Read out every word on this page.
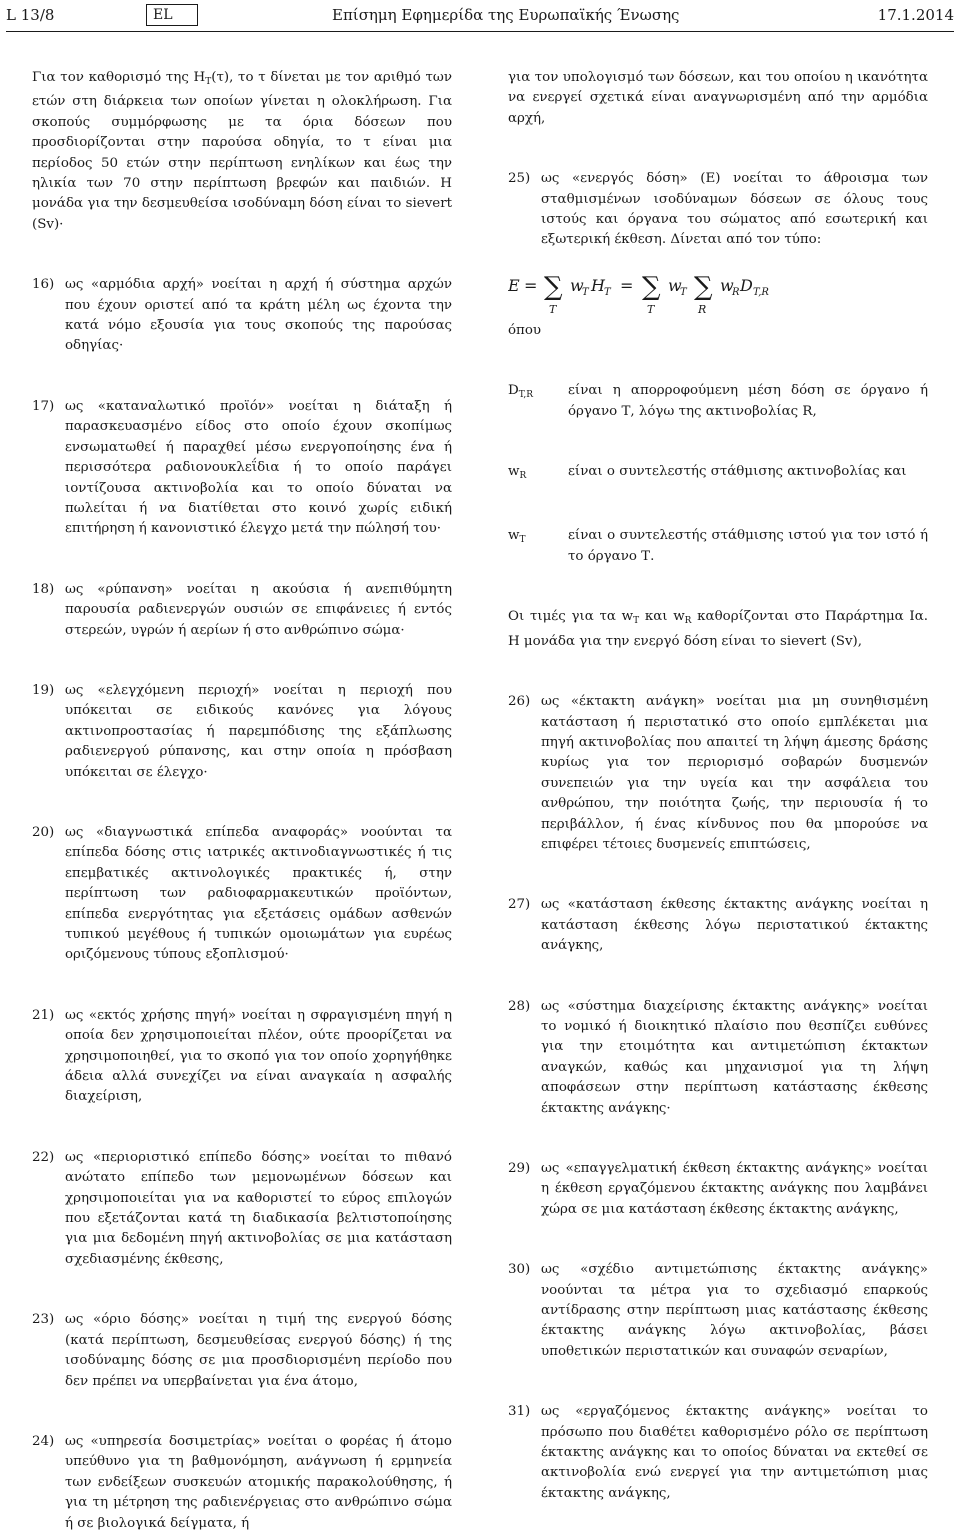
L 13/8	EL	Επίσημη Εφημερίδα της Ευρωπαϊκής Ένωσης	17.1.2014
Για τον καθορισμό της $H_T(\tau)$, το τ δίνεται με τον αριθμό των ετών στη διάρκεια των οποίων γίνεται η ολοκλήρωση. Για σκοπούς συμμόρφωσης με τα όρια δόσεων που προσδιορίζονται στην παρούσα οδηγία, το τ είναι μια περίοδος 50 ετών στην περίπτωση ενηλίκων και έως την ηλικία των 70 στην περίπτωση βρεφών και παιδιών. Η μονάδα για την δεσμευθείσα ισοδύναμη δόση είναι το sievert (Sv)·
16) ως «αρμόδια αρχή» νοείται η αρχή ή σύστημα αρχών που έχουν οριστεί από τα κράτη μέλη ως έχοντα την κατά νόμο εξουσία για τους σκοπούς της παρούσας οδηγίας·
17) ως «καταναλωτικό προϊόν» νοείται η διάταξη ή παρασκευασμένο είδος στο οποίο έχουν σκοπίμως ενσωματωθεί ή παραχθεί μέσω ενεργοποίησης ένα ή περισσότερα ραδιονουκλεΐδια ή το οποίο παράγει ιοντίζουσα ακτινοβολία και το οποίο δύναται να πωλείται ή να διατίθεται στο κοινό χωρίς ειδική επιτήρηση ή κανονιστικό έλεγχο μετά την πώλησή του·
18) ως «ρύπανση» νοείται η ακούσια ή ανεπιθύμητη παρουσία ραδιενεργών ουσιών σε επιφάνειες ή εντός στερεών, υγρών ή αερίων ή στο ανθρώπινο σώμα·
19) ως «ελεγχόμενη περιοχή» νοείται η περιοχή που υπόκειται σε ειδικούς κανόνες για λόγους ακτινοπροστασίας ή παρεμπόδισης της εξάπλωσης ραδιενεργού ρύπανσης, και στην οποία η πρόσβαση υπόκειται σε έλεγχο·
20) ως «διαγνωστικά επίπεδα αναφοράς» νοούνται τα επίπεδα δόσης στις ιατρικές ακτινοδιαγνωστικές ή τις επεμβατικές ακτινολογικές πρακτικές ή, στην περίπτωση των ραδιοφαρμακευτικών προϊόντων, επίπεδα ενεργότητας για εξετάσεις ομάδων ασθενών τυπικού μεγέθους ή τυπικών ομοιωμάτων για ευρέως οριζόμενους τύπους εξοπλισμού·
21) ως «εκτός χρήσης πηγή» νοείται η σφραγισμένη πηγή η οποία δεν χρησιμοποιείται πλέον, ούτε προορίζεται να χρησιμοποιηθεί, για το σκοπό για τον οποίο χορηγήθηκε άδεια αλλά συνεχίζει να είναι αναγκαία η ασφαλής διαχείριση,
22) ως «περιοριστικό επίπεδο δόσης» νοείται το πιθανό ανώτατο επίπεδο των μεμονωμένων δόσεων και χρησιμοποιείται για να καθοριστεί το εύρος επιλογών που εξετάζονται κατά τη διαδικασία βελτιστοποίησης για μια δεδομένη πηγή ακτινοβολίας σε μια κατάσταση σχεδιασμένης έκθεσης,
23) ως «όριο δόσης» νοείται η τιμή της ενεργού δόσης (κατά περίπτωση, δεσμευθείσας ενεργού δόσης) ή της ισοδύναμης δόσης σε μια προσδιορισμένη περίοδο που δεν πρέπει να υπερβαίνεται για ένα άτομο,
24) ως «υπηρεσία δοσιμετρίας» νοείται ο φορέας ή άτομο υπεύθυνο για τη βαθμονόμηση, ανάγνωση ή ερμηνεία των ενδείξεων συσκευών ατομικής παρακολούθησης, ή για τη μέτρηση της ραδιενέργειας στο ανθρώπινο σώμα ή σε βιολογικά δείγματα, ή
για τον υπολογισμό των δόσεων, και του οποίου η ικανότητα να ενεργεί σχετικά είναι αναγνωρισμένη από την αρμόδια αρχή,
25) ως «ενεργός δόση» (Ε) νοείται το άθροισμα των σταθμισμένων ισοδύναμων δόσεων σε όλους τους ιστούς και όργανα του σώματος από εσωτερική και εξωτερική έκθεση. Δίνεται από τον τύπο:
E = ∑
T
w
T H T = ∑
T
w
T ∑
R
w
R D T,R
όπου
$D_{T,R}$	είναι η απορροφούμενη μέση δόση σε όργανο ή όργανο Τ, λόγω της ακτινοβολίας R,
$w_R$	είναι ο συντελεστής στάθμισης ακτινοβολίας και
$w_T$	είναι ο συντελεστής στάθμισης ιστού για τον ιστό ή το όργανο Τ.
Οι τιμές για τα $w_T$ και $w_R$ καθορίζονται στο Παράρτημα Ια. Η μονάδα για την ενεργό δόση είναι το sievert (Sv),
26) ως «έκτακτη ανάγκη» νοείται μια μη συνηθισμένη κατάσταση ή περιστατικό στο οποίο εμπλέκεται μια πηγή ακτινοβολίας που απαιτεί τη λήψη άμεσης δράσης κυρίως για τον περιορισμό σοβαρών δυσμενών συνεπειών για την υγεία και την ασφάλεια του ανθρώπου, την ποιότητα ζωής, την περιουσία ή το περιβάλλον, ή ένας κίνδυνος που θα μπορούσε να επιφέρει τέτοιες δυσμενείς επιπτώσεις,
27) ως «κατάσταση έκθεσης έκτακτης ανάγκης νοείται η κατάσταση έκθεσης λόγω περιστατικού έκτακτης ανάγκης,
28) ως «σύστημα διαχείρισης έκτακτης ανάγκης» νοείται το νομικό ή διοικητικό πλαίσιο που θεσπίζει ευθύνες για την ετοιμότητα και αντιμετώπιση έκτακτων αναγκών, καθώς και μηχανισμοί για τη λήψη αποφάσεων στην περίπτωση κατάστασης έκθεσης έκτακτης ανάγκης·
29) ως «επαγγελματική έκθεση έκτακτης ανάγκης» νοείται η έκθεση εργαζόμενου έκτακτης ανάγκης που λαμβάνει χώρα σε μια κατάσταση έκθεσης έκτακτης ανάγκης,
30) ως «σχέδιο αντιμετώπισης έκτακτης ανάγκης» νοούνται τα μέτρα για το σχεδιασμό επαρκούς αντίδρασης στην περίπτωση μιας κατάστασης έκθεσης έκτακτης ανάγκης λόγω ακτινοβολίας, βάσει υποθετικών περιστατικών και συναφών σεναρίων,
31) ως «εργαζόμενος έκτακτης ανάγκης» νοείται το πρόσωπο που διαθέτει καθορισμένο ρόλο σε περίπτωση έκτακτης ανάγκης και το οποίος δύναται να εκτεθεί σε ακτινοβολία ενώ ενεργεί για την αντιμετώπιση μιας έκτακτης ανάγκης,
